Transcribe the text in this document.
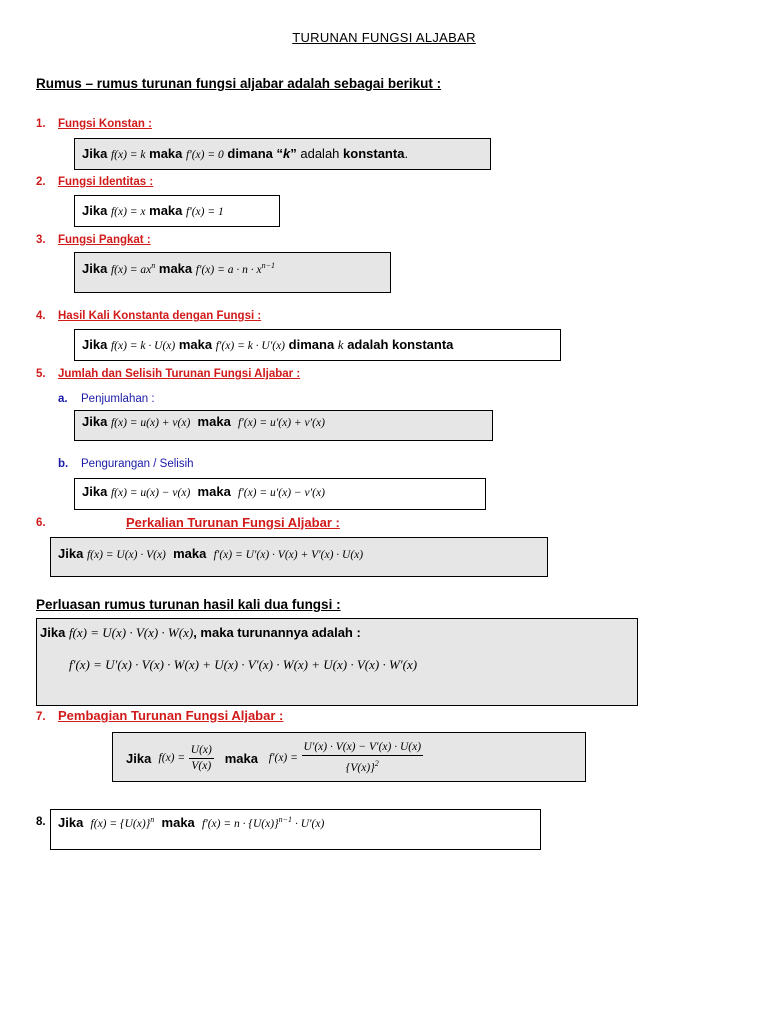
TURUNAN FUNGSI ALJABAR
Rumus – rumus turunan fungsi aljabar adalah sebagai berikut :
1. Fungsi Konstan :
Jika f(x) = k maka f′(x) = 0 dimana “k” adalah konstanta.
2. Fungsi Identitas :
Jika f(x) = x maka f′(x) = 1
3. Fungsi Pangkat :
Jika $f(x) = ax^n$ maka $f'(x) = a \cdot n \cdot x^{n-1}$
4. Hasil Kali Konstanta dengan Fungsi :
Jika f(x) = k · U(x) maka f′(x) = k · U′(x) dimana k adalah konstanta
5. Jumlah dan Selisih Turunan Fungsi Aljabar :
a. Penjumlahan :
Jika f(x) = u(x) + v(x) maka f′(x) = u′(x) + v′(x)
b. Pengurangan / Selisih
Jika f(x) = u(x) − v(x) maka f′(x) = u′(x) − v′(x)
6.	Perkalian Turunan Fungsi Aljabar :
Jika f(x) = U(x) · V(x) maka f′(x) = U′(x) · V(x) + V′(x) · U(x)
Perluasan rumus turunan hasil kali dua fungsi :
Jika f(x) = U(x) · V(x) · W(x), maka turunannya adalah :
f′(x) = U′(x) · V(x) · W(x) + U(x) · V′(x) · W(x) + U(x) · V(x) · W′(x)
7. Pembagian Turunan Fungsi Aljabar :
Jika
f(x) =
$\frac{U(x)}{V(x)}$
maka
f′(x) =
$\frac{U'(x) \cdot V(x) - V'(x) \cdot U(x)}{\{V(x)\}^2}$
8. Jika $f(x) = \{U(x)\}^n$ maka $f'(x) = n \cdot \{U(x)\}^{n-1} \cdot U'(x)$
